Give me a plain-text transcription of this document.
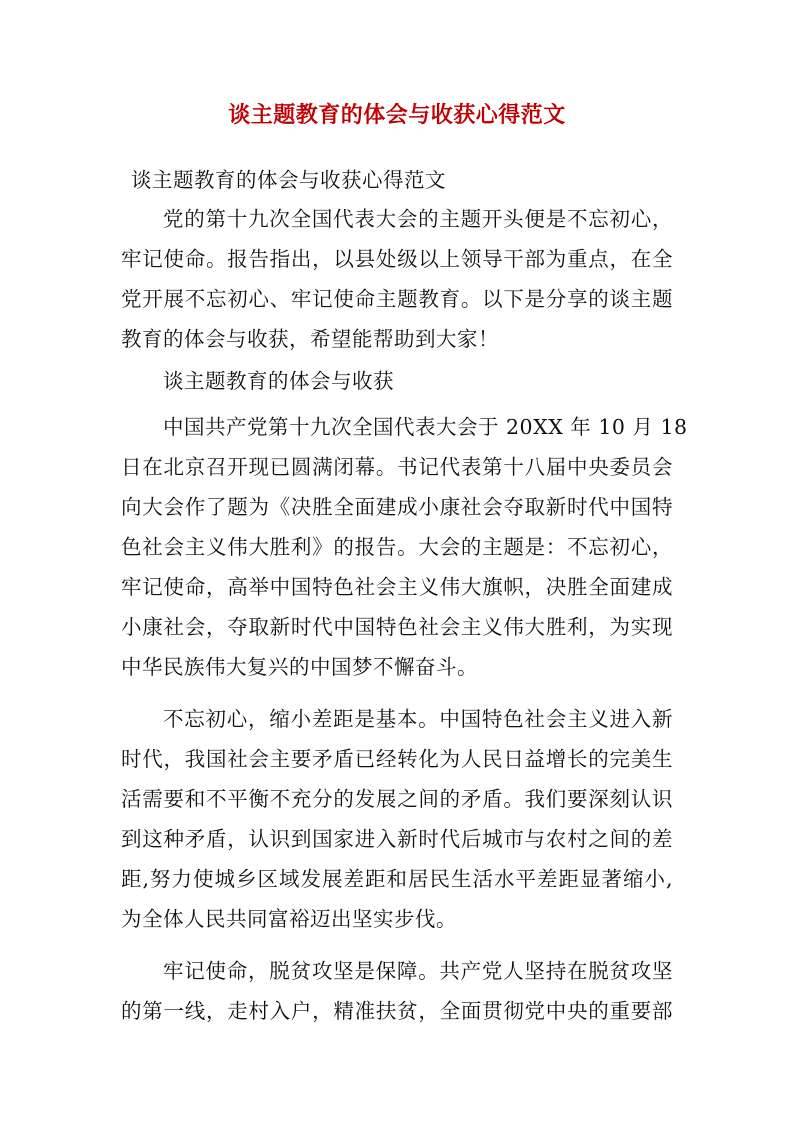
谈主题教育的体会与收获心得范文

谈主题教育的体会与收获心得范文

党的第十九次全国代表大会的主题开头便是不忘初心，

牢记使命。报告指出，以县处级以上领导干部为重点，在全

党开展不忘初心、牢记使命主题教育。以下是分享的谈主题

教育的体会与收获，希望能帮助到大家！

谈主题教育的体会与收获

中国共产党第十九次全国代表大会于 20XX 年 10 月 18

日在北京召开现已圆满闭幕。书记代表第十八届中央委员会

向大会作了题为《决胜全面建成小康社会夺取新时代中国特

色社会主义伟大胜利》的报告。大会的主题是：不忘初心，

牢记使命，高举中国特色社会主义伟大旗帜，决胜全面建成

小康社会，夺取新时代中国特色社会主义伟大胜利，为实现

中华民族伟大复兴的中国梦不懈奋斗。

不忘初心，缩小差距是基本。中国特色社会主义进入新

时代，我国社会主要矛盾已经转化为人民日益增长的完美生

活需要和不平衡不充分的发展之间的矛盾。我们要深刻认识

到这种矛盾，认识到国家进入新时代后城市与农村之间的差

距,努力使城乡区域发展差距和居民生活水平差距显著缩小,

为全体人民共同富裕迈出坚实步伐。

牢记使命，脱贫攻坚是保障。共产党人坚持在脱贫攻坚

的第一线，走村入户，精准扶贫，全面贯彻党中央的重要部
